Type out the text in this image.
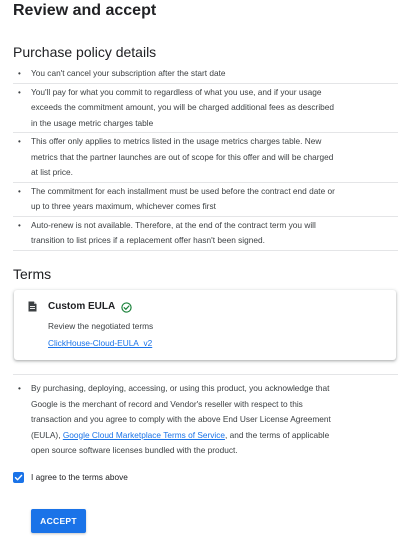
Review and accept
Purchase policy details
•	You can't cancel your subscription after the start date
•	You'll pay for what you commit to regardless of what you use, and if your usage
exceeds the commitment amount, you will be charged additional fees as described
in the usage metric charges table
•	This offer only applies to metrics listed in the usage metrics charges table. New
metrics that the partner launches are out of scope for this offer and will be charged
at list price.
•	The commitment for each installment must be used before the contract end date or
up to three years maximum, whichever comes first
•	Auto-renew is not available. Therefore, at the end of the contract term you will
transition to list prices if a replacement offer hasn't been signed.
Terms
Custom EULA
Review the negotiated terms
ClickHouse-Cloud-EULA_v2
•	By purchasing, deploying, accessing, or using this product, you acknowledge that
Google is the merchant of record and Vendor's reseller with respect to this
transaction and you agree to comply with the above End User License Agreement
(EULA), Google Cloud Marketplace Terms of Service, and the terms of applicable
open source software licenses bundled with the product.
I agree to the terms above
ACCEPT
